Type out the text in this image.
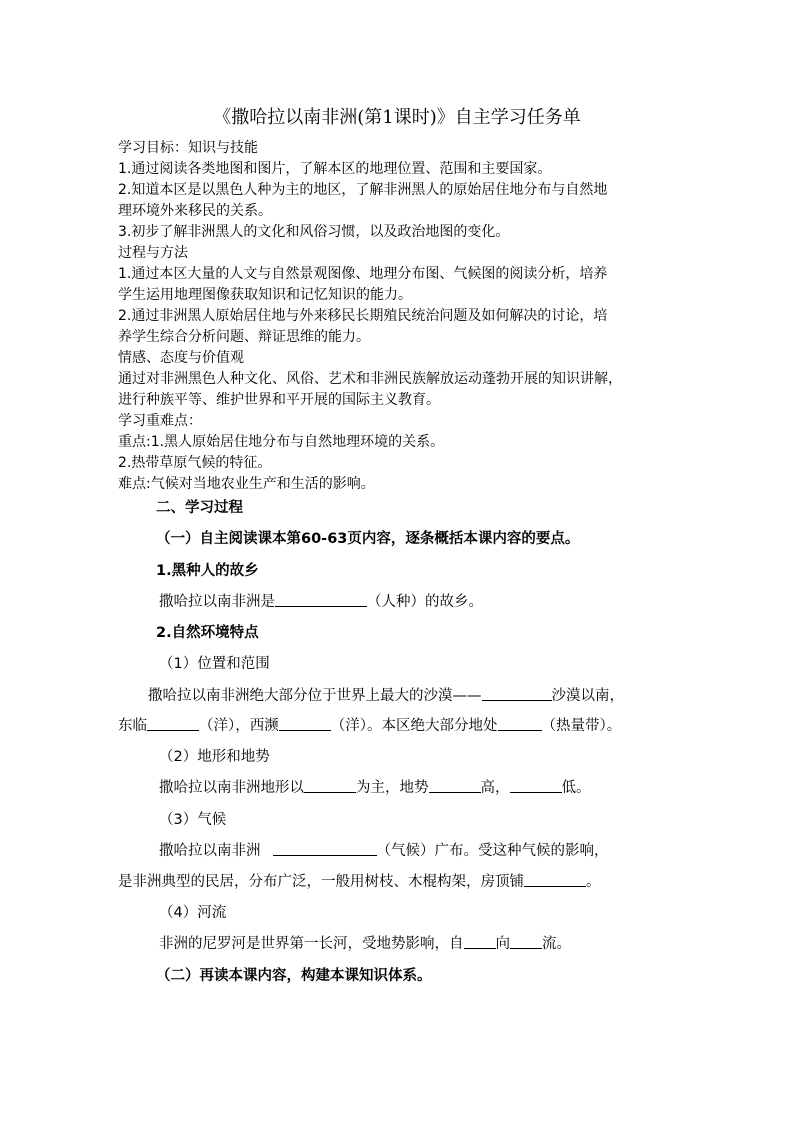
《撒哈拉以南非洲(第1课时)》自主学习任务单

学习目标：知识与技能

1.通过阅读各类地图和图片，了解本区的地理位置、范围和主要国家。

2.知道本区是以黑色人种为主的地区，了解非洲黑人的原始居住地分布与自然地

理环境外来移民的关系。

3.初步了解非洲黑人的文化和风俗习惯，以及政治地图的变化。

过程与方法

1.通过本区大量的人文与自然景观图像、地理分布图、气候图的阅读分析，培养

学生运用地理图像获取知识和记忆知识的能力。

2.通过非洲黑人原始居住地与外来移民长期殖民统治问题及如何解决的讨论，培

养学生综合分析问题、辩证思维的能力。

情感、态度与价值观

通过对非洲黑色人种文化、风俗、艺术和非洲民族解放运动蓬勃开展的知识讲解，

进行种族平等、维护世界和平开展的国际主义教育。

学习重难点：

重点:1.黑人原始居住地分布与自然地理环境的关系。

2.热带草原气候的特征。

难点:气候对当地农业生产和生活的影响。

二、学习过程
（一）自主阅读课本第60-63页内容，逐条概括本课内容的要点。
1.黑种人的故乡
撒哈拉以南非洲是	（人种）的故乡。
2.自然环境特点
（1）位置和范围
撒哈拉以南非洲绝大部分位于世界上最大的沙漠——	沙漠以南，
东临	（洋），西濒	（洋）。本区绝大部分地处	（热量带）。
（2）地形和地势
撒哈拉以南非洲地形以	为主，地势	高，	低。
（3）气候
撒哈拉以南非洲	（气候）广布。受这种气候的影响，
是非洲典型的民居，分布广泛，一般用树枝、木棍构架，房顶铺	。
（4）河流
非洲的尼罗河是世界第一长河，受地势影响，自 向 流。
（二）再读本课内容，构建本课知识体系。
